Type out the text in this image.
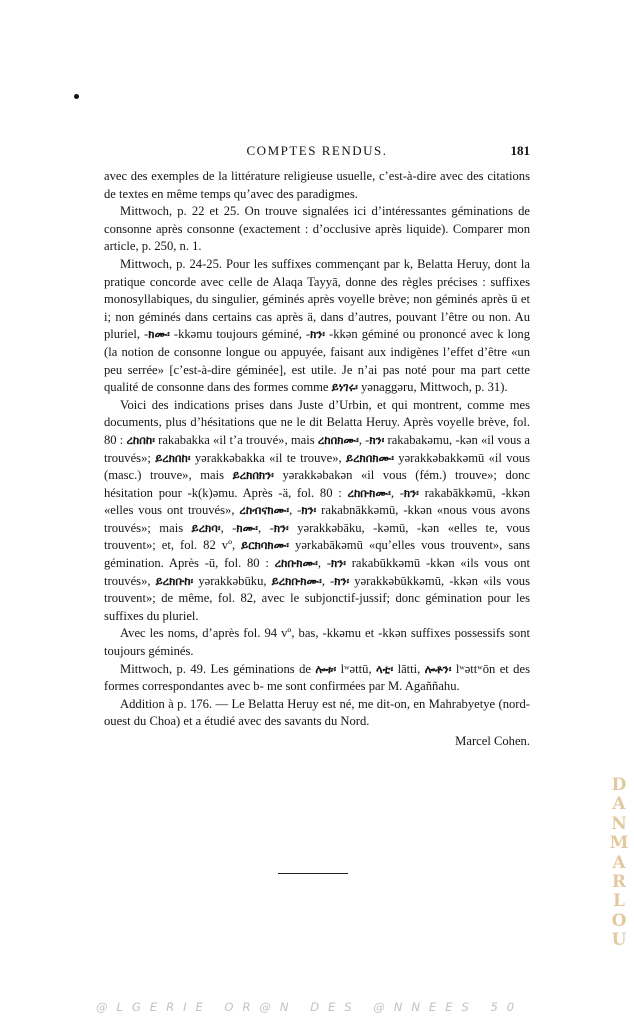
COMPTES RENDUS.	181

avec des exemples de la littérature religieuse usuelle, c’est-à-dire avec des citations de textes en même temps qu’avec des paradigmes.

Mittwoch, p. 22 et 25. On trouve signalées ici d’intéressantes géminations de consonne après consonne (exactement : d’occlusive après liquide). Comparer mon article, p. 250, n. 1.

Mittwoch, p. 24-25. Pour les suffixes commençant par k, Belatta Heruy, dont la pratique concorde avec celle de Alaqa Tayyā, donne des règles précises : suffixes monosyllabiques, du singulier, géminés après voyelle brève; non géminés après ū et i; non géminés dans certains cas après ä, dans d’autres, pouvant l’être ou non. Au pluriel, -ክሙ፡ -kkəmu toujours géminé, -ክን፡ -kkən géminé ou prononcé avec k long (la notion de consonne longue ou appuyée, faisant aux indigènes l’effet d’être «un peu serrée» [c’est-à-dire géminée], est utile. Je n’ai pas noté pour ma part cette qualité de consonne dans des formes comme ይነገሩ፡ yənaggəru, Mittwoch, p. 31).

Voici des indications prises dans Juste d’Urbin, et qui montrent, comme mes documents, plus d’hésitations que ne le dit Belatta Heruy. Après voyelle brève, fol. 80 : ረከበከ፡ rakabakka «il t’a trouvé», mais ረከበክሙ፡, -ክን፡ rakabakəmu, -kən «il vous a trouvés»; ይረክበከ፡ yərakkəbakka «il te trouve», ይረክበክሙ፡ yərakkəbakkəmū «il vous (masc.) trouve», mais ይረክበክን፡ yərakkəbakən «il vous (fém.) trouve»; donc hésitation pour -k(k)əmu. Après -ä, fol. 80 : ረከቡክሙ፡, -ክን፡ rakabākkəmū, -kkən «elles vous ont trouvés», ረከብናክሙ፡, -ክን፡ rakabnākkəmū, -kkən «nous vous avons trouvés»; mais ይረክባ፡, -ክሙ፡, -ክን፡ yərakkəbāku, -kəmū, -kən «elles te, vous trouvent»; et, fol. 82 vº, ይርክባክሙ፡ yərkabākəmū «qu’elles vous trouvent», sans gémination. Après -ū, fol. 80 : ረከቡክሙ፡, -ክን፡ rakabūkkəmū -kkən «ils vous ont trouvés», ይረክቡከ፡ yərakkəbūku, ይረክቡክሙ፡, -ክን፡ yərakkəbūkkəmū, -kkən «ils vous trouvent»; de même, fol. 82, avec le subjonctif-jussif; donc gémination pour les suffixes du pluriel.

Avec les noms, d’après fol. 94 vº, bas, -kkəmu et -kkən suffixes possessifs sont toujours géminés.

Mittwoch, p. 49. Les géminations de ሎቱ፡ lʷəttū, ላቲ፡ lātti, ሎቶን፡ lʷəttʷōn et des formes correspondantes avec b- me sont confirmées par M. Agaññahu.

Addition à p. 176. — Le Belatta Heruy est né, me dit-on, en Mahrabyetye (nord-ouest du Choa) et a étudié avec des savants du Nord.

Marcel Cohen.

D
A
N
M
A
R
L
O
U
@LGERIE OR@N DES @NNEES 50
